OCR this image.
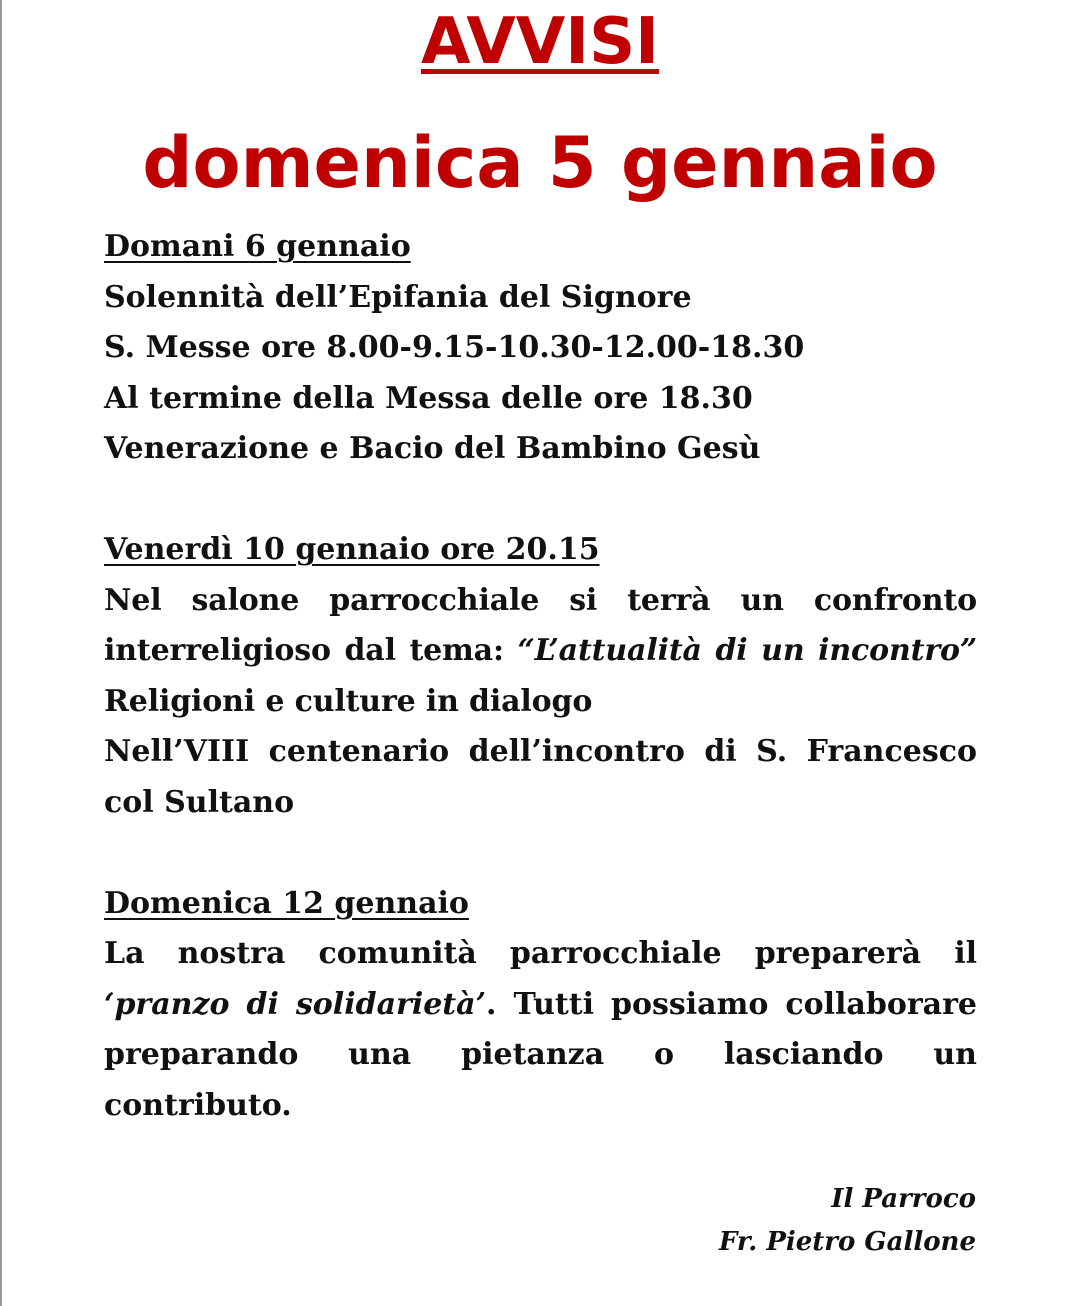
AVVISI
domenica 5 gennaio
Domani 6 gennaio
Solennità dell’Epifania del Signore
S. Messe ore 8.00-9.15-10.30-12.00-18.30
Al termine della Messa delle ore 18.30
Venerazione e Bacio del Bambino Gesù
Venerdì 10 gennaio ore 20.15

Nel salone parrocchiale si terrà un confronto interreligioso dal tema: “L’attualità di un incontro” Religioni e culture in dialogo

Nell’VIII centenario dell’incontro di S. Francesco col Sultano

Domenica 12 gennaio

La nostra comunità parrocchiale preparerà il ‘pranzo di solidarietà’. Tutti possiamo collaborare preparando una pietanza o lasciando un contributo.

Il Parroco
Fr. Pietro Gallone
